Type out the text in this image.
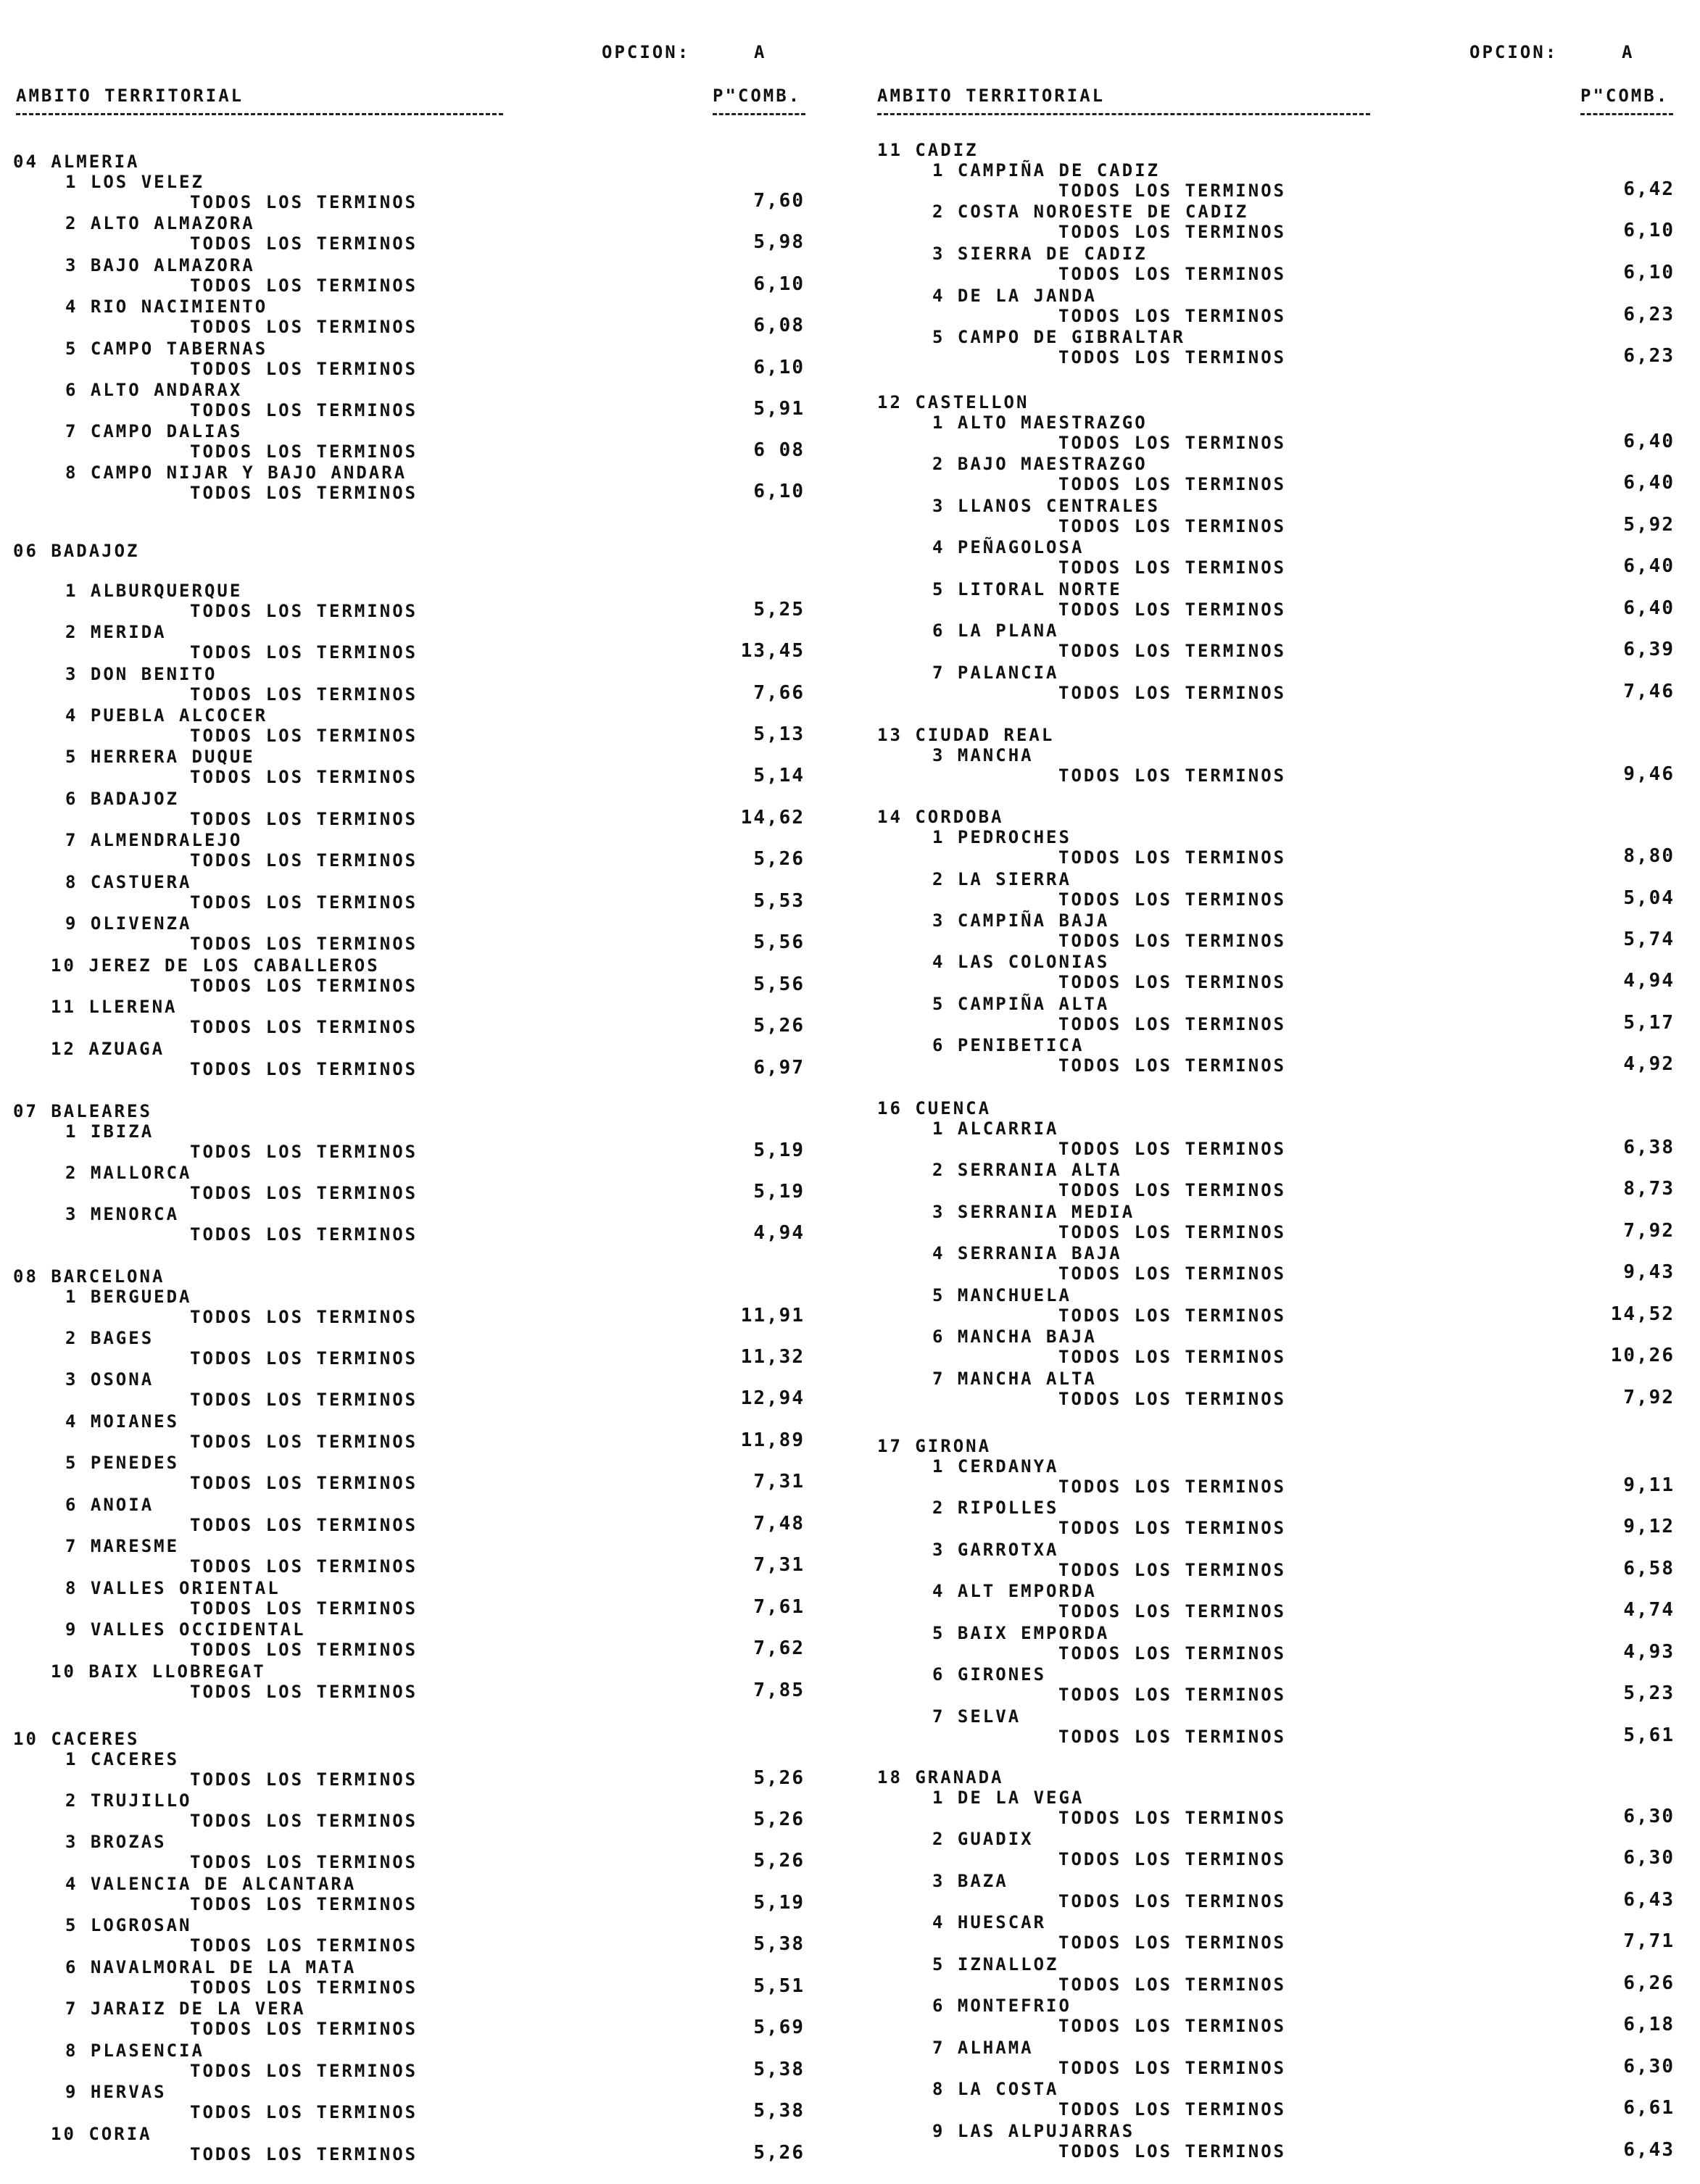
OPCION:	A
AMBITO TERRITORIAL	P"COMB.
04 ALMERIA
1 LOS VELEZ
TODOS LOS TERMINOS	7,60
2 ALTO ALMAZORA
TODOS LOS TERMINOS	5,98
3 BAJO ALMAZORA
TODOS LOS TERMINOS	6,10
4 RIO NACIMIENTO
TODOS LOS TERMINOS	6,08
5 CAMPO TABERNAS
TODOS LOS TERMINOS	6,10
6 ALTO ANDARAX
TODOS LOS TERMINOS	5,91
7 CAMPO DALIAS
TODOS LOS TERMINOS	6 08
8 CAMPO NIJAR Y BAJO ANDARA
TODOS LOS TERMINOS	6,10
06 BADAJOZ
1 ALBURQUERQUE
TODOS LOS TERMINOS	5,25
2 MERIDA
TODOS LOS TERMINOS	13,45
3 DON BENITO
TODOS LOS TERMINOS	7,66
4 PUEBLA ALCOCER
TODOS LOS TERMINOS	5,13
5 HERRERA DUQUE
TODOS LOS TERMINOS	5,14
6 BADAJOZ
TODOS LOS TERMINOS	14,62
7 ALMENDRALEJO
TODOS LOS TERMINOS	5,26
8 CASTUERA
TODOS LOS TERMINOS	5,53
9 OLIVENZA
TODOS LOS TERMINOS	5,56
10 JEREZ DE LOS CABALLEROS
TODOS LOS TERMINOS	5,56
11 LLERENA
TODOS LOS TERMINOS	5,26
12 AZUAGA
TODOS LOS TERMINOS	6,97
07 BALEARES
1 IBIZA
TODOS LOS TERMINOS	5,19
2 MALLORCA
TODOS LOS TERMINOS	5,19
3 MENORCA
TODOS LOS TERMINOS	4,94
08 BARCELONA
1 BERGUEDA
TODOS LOS TERMINOS	11,91
2 BAGES
TODOS LOS TERMINOS	11,32
3 OSONA
TODOS LOS TERMINOS	12,94
4 MOIANES
TODOS LOS TERMINOS	11,89
5 PENEDES
TODOS LOS TERMINOS	7,31
6 ANOIA
TODOS LOS TERMINOS	7,48
7 MARESME
TODOS LOS TERMINOS	7,31
8 VALLES ORIENTAL
TODOS LOS TERMINOS	7,61
9 VALLES OCCIDENTAL
TODOS LOS TERMINOS	7,62
10 BAIX LLOBREGAT
TODOS LOS TERMINOS	7,85
10 CACERES
1 CACERES
TODOS LOS TERMINOS	5,26
2 TRUJILLO
TODOS LOS TERMINOS	5,26
3 BROZAS
TODOS LOS TERMINOS	5,26
4 VALENCIA DE ALCANTARA
TODOS LOS TERMINOS	5,19
5 LOGROSAN
TODOS LOS TERMINOS	5,38
6 NAVALMORAL DE LA MATA
TODOS LOS TERMINOS	5,51
7 JARAIZ DE LA VERA
TODOS LOS TERMINOS	5,69
8 PLASENCIA
TODOS LOS TERMINOS	5,38
9 HERVAS
TODOS LOS TERMINOS	5,38
10 CORIA
TODOS LOS TERMINOS	5,26
OPCION:	A
AMBITO TERRITORIAL	P"COMB.
11 CADIZ
1 CAMPIÑA DE CADIZ
TODOS LOS TERMINOS	6,42
2 COSTA NOROESTE DE CADIZ
TODOS LOS TERMINOS	6,10
3 SIERRA DE CADIZ
TODOS LOS TERMINOS	6,10
4 DE LA JANDA
TODOS LOS TERMINOS	6,23
5 CAMPO DE GIBRALTAR
TODOS LOS TERMINOS	6,23
12 CASTELLON
1 ALTO MAESTRAZGO
TODOS LOS TERMINOS	6,40
2 BAJO MAESTRAZGO
TODOS LOS TERMINOS	6,40
3 LLANOS CENTRALES
TODOS LOS TERMINOS	5,92
4 PEÑAGOLOSA
TODOS LOS TERMINOS	6,40
5 LITORAL NORTE
TODOS LOS TERMINOS	6,40
6 LA PLANA
TODOS LOS TERMINOS	6,39
7 PALANCIA
TODOS LOS TERMINOS	7,46
13 CIUDAD REAL
3 MANCHA
TODOS LOS TERMINOS	9,46
14 CORDOBA
1 PEDROCHES
TODOS LOS TERMINOS	8,80
2 LA SIERRA
TODOS LOS TERMINOS	5,04
3 CAMPIÑA BAJA
TODOS LOS TERMINOS	5,74
4 LAS COLONIAS
TODOS LOS TERMINOS	4,94
5 CAMPIÑA ALTA
TODOS LOS TERMINOS	5,17
6 PENIBETICA
TODOS LOS TERMINOS	4,92
16 CUENCA
1 ALCARRIA
TODOS LOS TERMINOS	6,38
2 SERRANIA ALTA
TODOS LOS TERMINOS	8,73
3 SERRANIA MEDIA
TODOS LOS TERMINOS	7,92
4 SERRANIA BAJA
TODOS LOS TERMINOS	9,43
5 MANCHUELA
TODOS LOS TERMINOS	14,52
6 MANCHA BAJA
TODOS LOS TERMINOS	10,26
7 MANCHA ALTA
TODOS LOS TERMINOS	7,92
17 GIRONA
1 CERDANYA
TODOS LOS TERMINOS	9,11
2 RIPOLLES
TODOS LOS TERMINOS	9,12
3 GARROTXA
TODOS LOS TERMINOS	6,58
4 ALT EMPORDA
TODOS LOS TERMINOS	4,74
5 BAIX EMPORDA
TODOS LOS TERMINOS	4,93
6 GIRONES
TODOS LOS TERMINOS	5,23
7 SELVA
TODOS LOS TERMINOS	5,61
18 GRANADA
1 DE LA VEGA
TODOS LOS TERMINOS	6,30
2 GUADIX
TODOS LOS TERMINOS	6,30
3 BAZA
TODOS LOS TERMINOS	6,43
4 HUESCAR
TODOS LOS TERMINOS	7,71
5 IZNALLOZ
TODOS LOS TERMINOS	6,26
6 MONTEFRIO
TODOS LOS TERMINOS	6,18
7 ALHAMA
TODOS LOS TERMINOS	6,30
8 LA COSTA
TODOS LOS TERMINOS	6,61
9 LAS ALPUJARRAS
TODOS LOS TERMINOS	6,43
